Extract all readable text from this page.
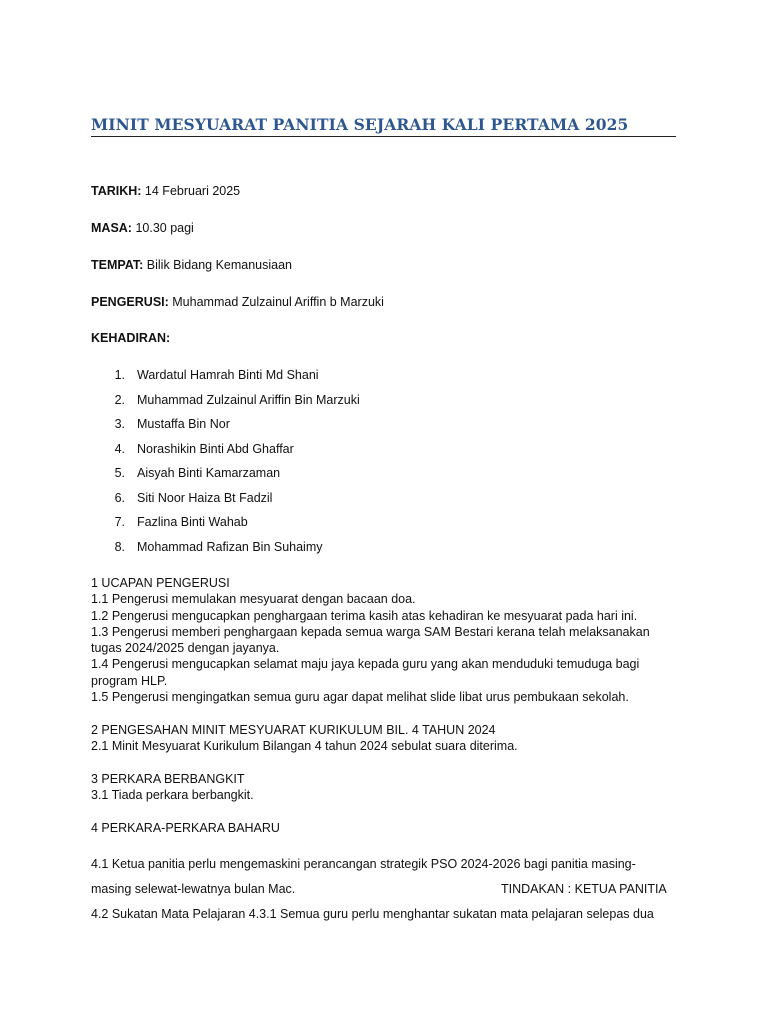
MINIT MESYUARAT PANITIA SEJARAH KALI PERTAMA 2025
TARIKH: 14 Februari 2025
MASA: 10.30 pagi
TEMPAT: Bilik Bidang Kemanusiaan
PENGERUSI: Muhammad Zulzainul Ariffin b Marzuki
KEHADIRAN:
1. Wardatul Hamrah Binti Md Shani
2. Muhammad Zulzainul Ariffin Bin Marzuki
3. Mustaffa Bin Nor
4. Norashikin Binti Abd Ghaffar
5. Aisyah Binti Kamarzaman
6. Siti Noor Haiza Bt Fadzil
7. Fazlina Binti Wahab
8. Mohammad Rafizan Bin Suhaimy

1 UCAPAN PENGERUSI

1.1 Pengerusi memulakan mesyuarat dengan bacaan doa.

1.2 Pengerusi mengucapkan penghargaan terima kasih atas kehadiran ke mesyuarat pada hari ini.

1.3 Pengerusi memberi penghargaan kepada semua warga SAM Bestari kerana telah melaksanakan tugas 2024/2025 dengan jayanya.

1.4 Pengerusi mengucapkan selamat maju jaya kepada guru yang akan menduduki temuduga bagi program HLP.

1.5 Pengerusi mengingatkan semua guru agar dapat melihat slide libat urus pembukaan sekolah.

2 PENGESAHAN MINIT MESYUARAT KURIKULUM BIL. 4 TAHUN 2024

2.1 Minit Mesyuarat Kurikulum Bilangan 4 tahun 2024 sebulat suara diterima.

3 PERKARA BERBANGKIT

3.1 Tiada perkara berbangkit.

4 PERKARA-PERKARA BAHARU

4.1 Ketua panitia perlu mengemaskini perancangan strategik PSO 2024-2026 bagi panitia masing-
masing selewat-lewatnya bulan Mac.	TINDAKAN : KETUA PANITIA
4.2 Sukatan Mata Pelajaran 4.3.1 Semua guru perlu menghantar sukatan mata pelajaran selepas dua
